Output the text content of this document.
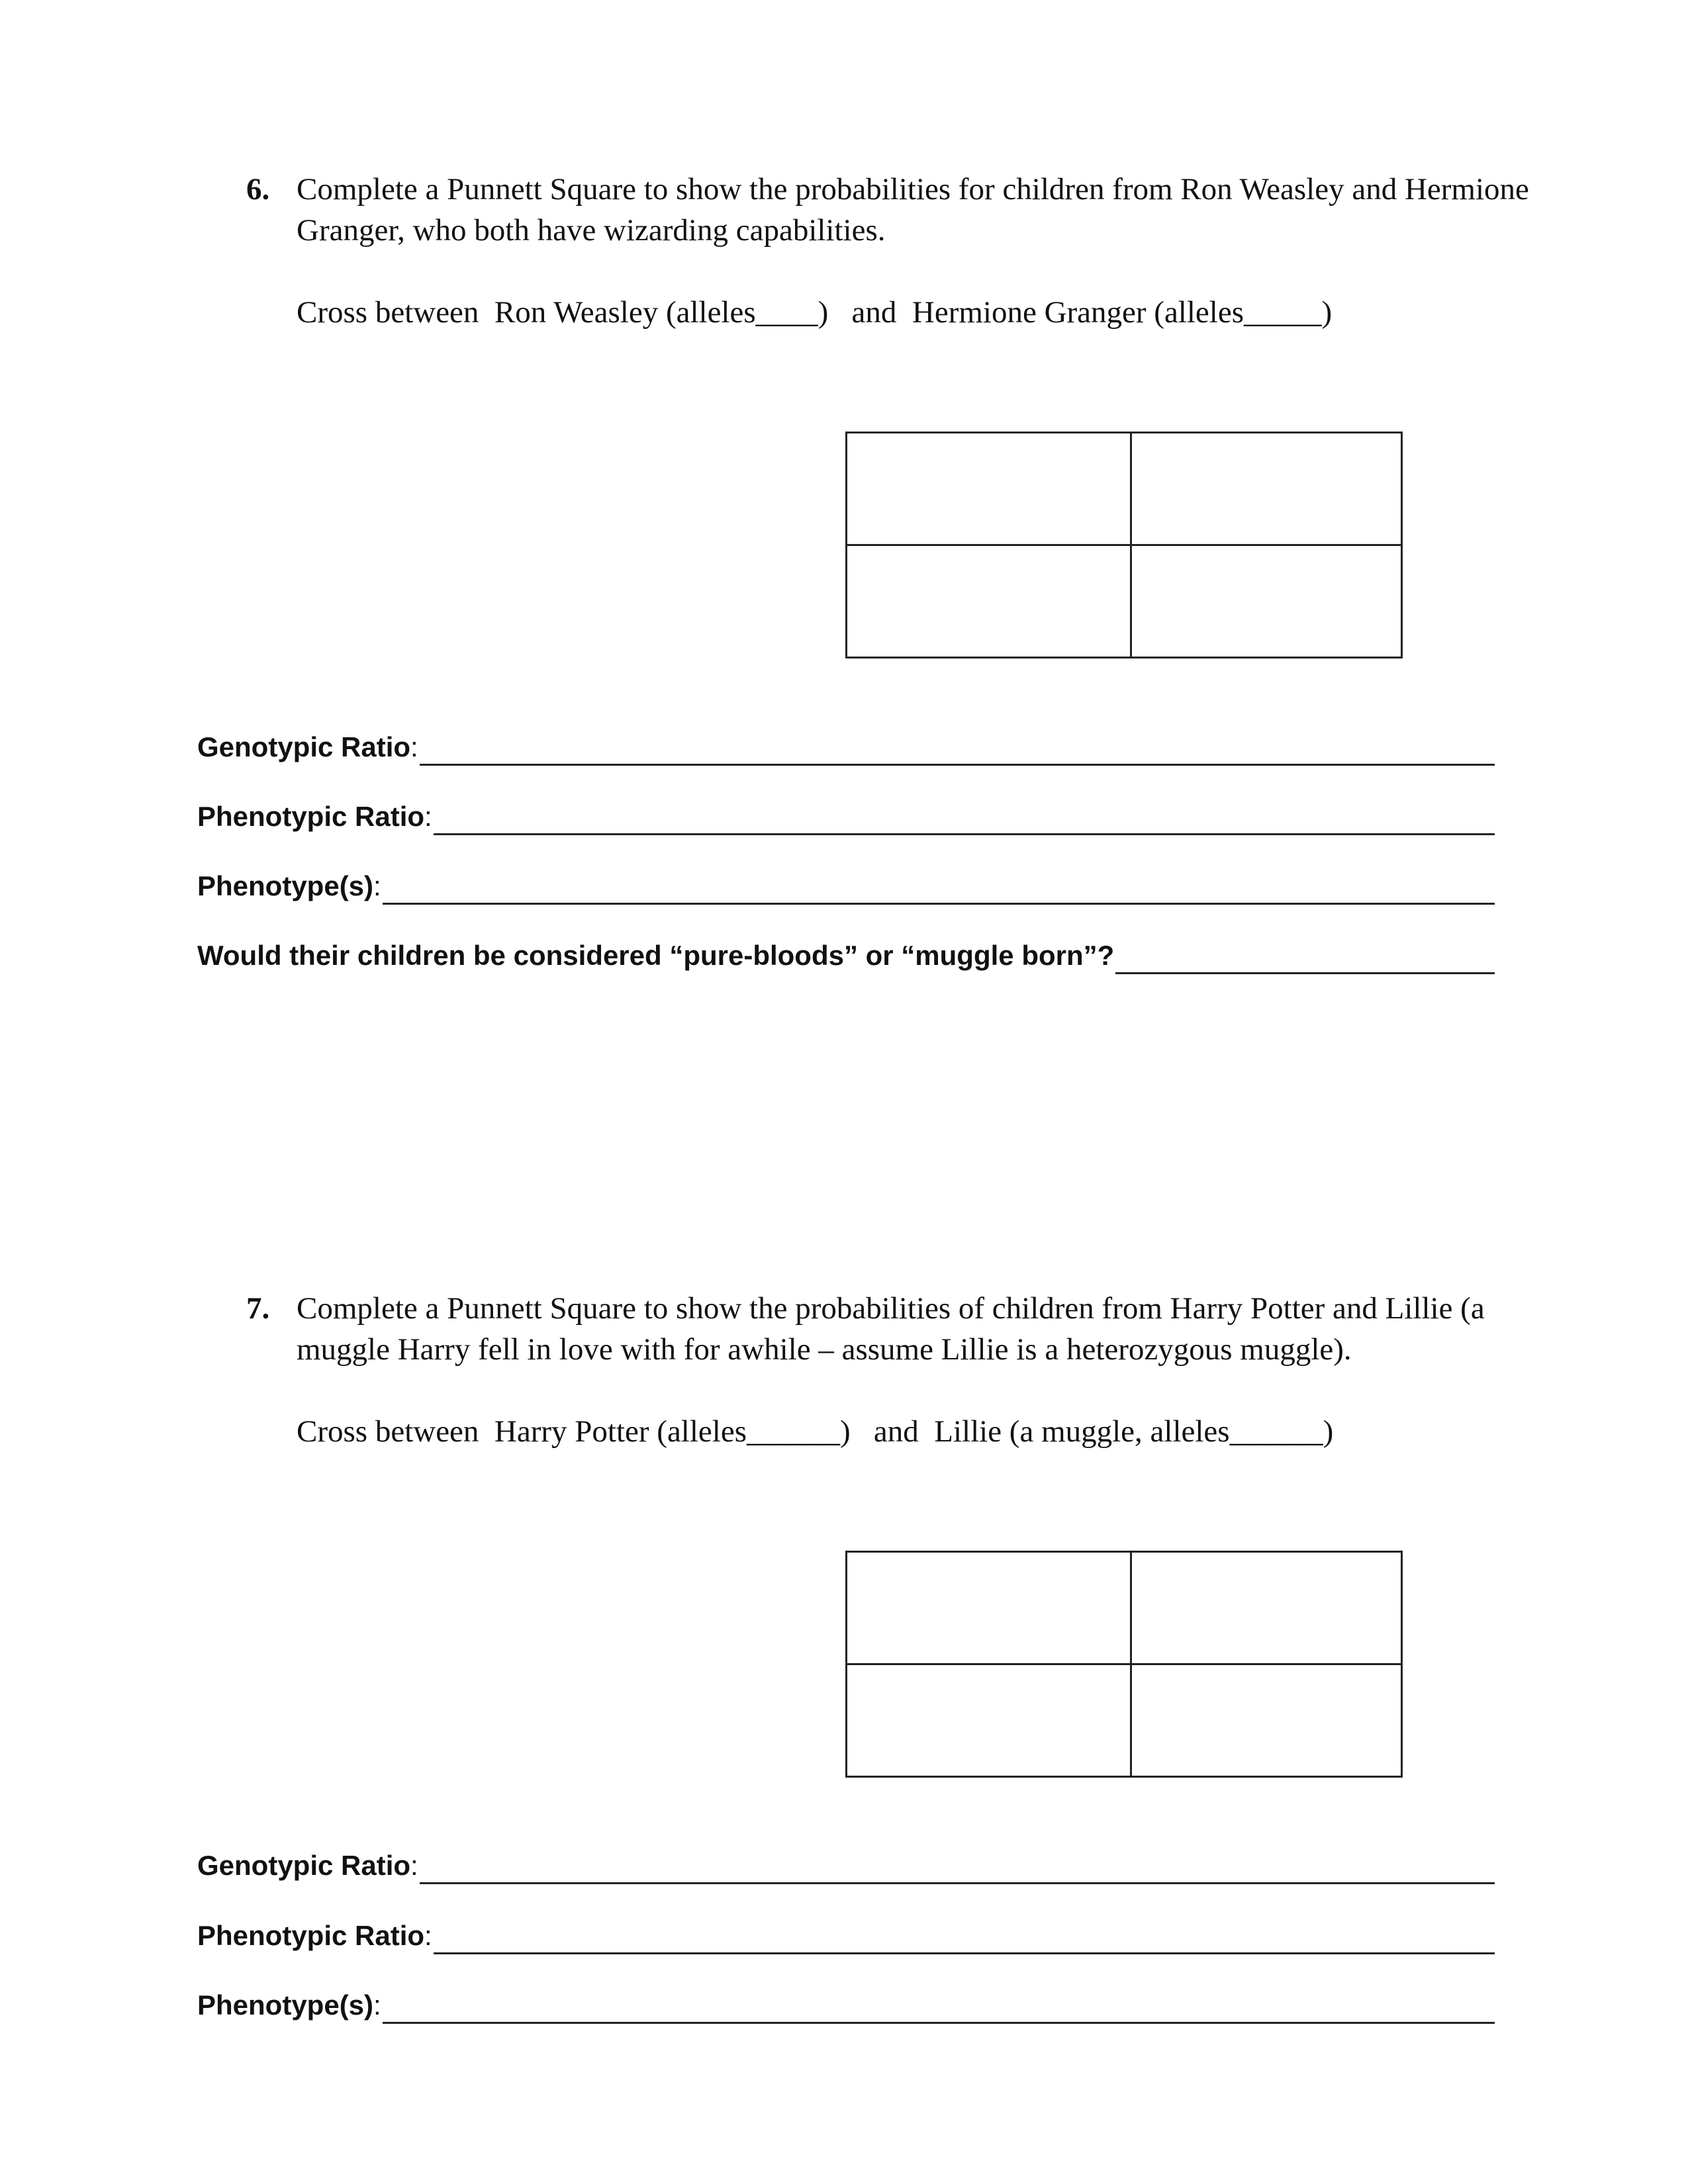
6. Complete a Punnett Square to show the probabilities for children from Ron Weasley and Hermione Granger, who both have wizarding capabilities.
Cross between  Ron Weasley (alleles____)   and  Hermione Granger (alleles_____)
Genotypic Ratio :
Phenotypic Ratio :
Phenotype(s) :
Would their children be considered “pure-bloods” or “muggle born”?
7. Complete a Punnett Square to show the probabilities of children from Harry Potter and Lillie (a muggle Harry fell in love with for awhile – assume Lillie is a heterozygous muggle).
Cross between  Harry Potter (alleles______)   and  Lillie (a muggle, alleles______)
Genotypic Ratio :
Phenotypic Ratio :
Phenotype(s) :
